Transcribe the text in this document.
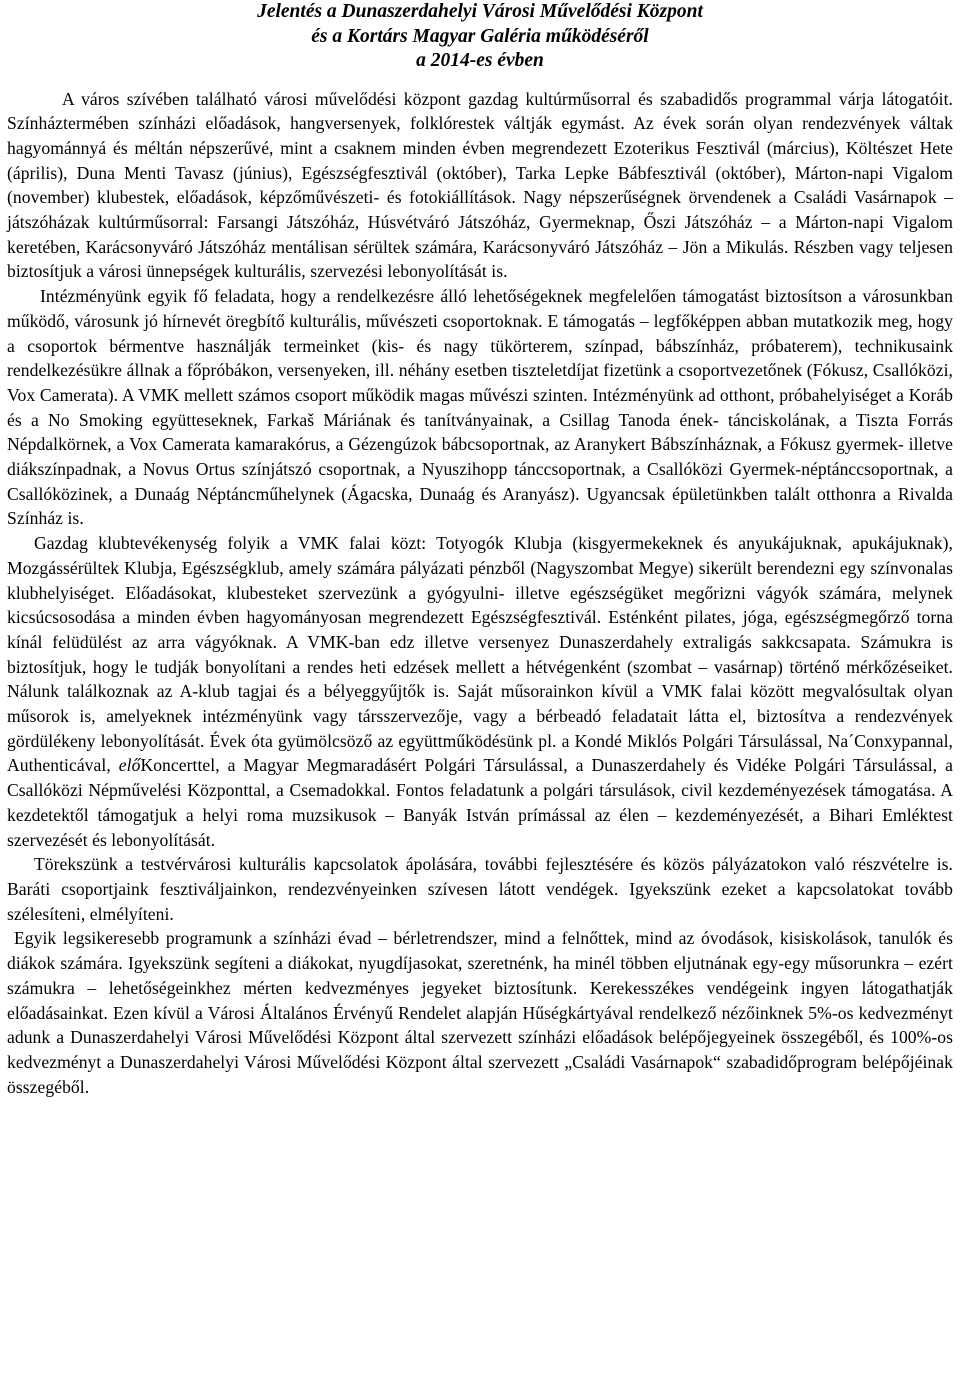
Jelentés a Dunaszerdahelyi Városi Művelődési Központ
és a Kortárs Magyar Galéria működéséről
a 2014-es évben

A város szívében található városi művelődési központ gazdag kultúrműsorral és szabadidős programmal várja látogatóit. Színháztermében színházi előadások, hangversenyek, folklórestek váltják egymást. Az évek során olyan rendezvények váltak hagyománnyá és méltán népszerűvé, mint a csaknem minden évben megrendezett Ezoterikus Fesztivál (március), Költészet Hete (április), Duna Menti Tavasz (június), Egészségfesztivál (október), Tarka Lepke Bábfesztivál (október), Márton-napi Vigalom (november) klubestek, előadások, képzőművészeti- és fotokiállítások. Nagy népszerűségnek örvendenek a Családi Vasárnapok – játszóházak kultúrműsorral: Farsangi Játszóház, Húsvétváró Játszóház, Gyermeknap, Őszi Játszóház – a Márton-napi Vigalom keretében, Karácsonyváró Játszóház mentálisan sérültek számára, Karácsonyváró Játszóház – Jön a Mikulás. Részben vagy teljesen biztosítjuk a városi ünnepségek kulturális, szervezési lebonyolítását is.

Intézményünk egyik fő feladata, hogy a rendelkezésre álló lehetőségeknek megfelelően támogatást biztosítson a városunkban működő, városunk jó hírnevét öregbítő kulturális, művészeti csoportoknak. E támogatás – legfőképpen abban mutatkozik meg, hogy a csoportok bérmentve használják termeinket (kis- és nagy tükörterem, színpad, bábszínház, próbaterem), technikusaink rendelkezésükre állnak a főpróbákon, versenyeken, ill. néhány esetben tiszteletdíjat fizetünk a csoportvezetőnek (Fókusz, Csallóközi, Vox Camerata). A VMK mellett számos csoport működik magas művészi szinten. Intézményünk ad otthont, próbahelyiséget a Koráb és a No Smoking együtteseknek, Farkaš Máriának és tanítványainak, a Csillag Tanoda ének- tánciskolának, a Tiszta Forrás Népdalkörnek, a Vox Camerata kamarakórus, a Gézengúzok bábcsoportnak, az Aranykert Bábszínháznak, a Fókusz gyermek- illetve diákszínpadnak, a Novus Ortus színjátszó csoportnak, a Nyuszihopp tánccsoportnak, a Csallóközi Gyermek-néptánccsoportnak, a Csallóközinek, a Dunaág Néptáncműhelynek (Ágacska, Dunaág és Aranyász). Ugyancsak épületünkben talált otthonra a Rivalda Színház is.

Gazdag klubtevékenység folyik a VMK falai közt: Totyogók Klubja (kisgyermekeknek és anyukájuknak, apukájuknak), Mozgássérültek Klubja, Egészségklub, amely számára pályázati pénzből (Nagyszombat Megye) sikerült berendezni egy színvonalas klubhelyiséget. Előadásokat, klubesteket szervezünk a gyógyulni- illetve egészségüket megőrizni vágyók számára, melynek kicsúcsosodása a minden évben hagyományosan megrendezett Egészségfesztivál. Esténként pilates, jóga, egészségmegőrző torna kínál felüdülést az arra vágyóknak. A VMK-ban edz illetve versenyez Dunaszerdahely extraligás sakkcsapata. Számukra is biztosítjuk, hogy le tudják bonyolítani a rendes heti edzések mellett a hétvégenként (szombat – vasárnap) történő mérkőzéseiket. Nálunk találkoznak az A-klub tagjai és a bélyeggyűjtők is. Saját műsorainkon kívül a VMK falai között megvalósultak olyan műsorok is, amelyeknek intézményünk vagy társszervezője, vagy a bérbeadó feladatait látta el, biztosítva a rendezvények gördülékeny lebonyolítását. Évek óta gyümölcsöző az együttműködésünk pl. a Kondé Miklós Polgári Társulással, Na´Conxypannal, Authenticával, előKoncerttel, a Magyar Megmaradásért Polgári Társulással, a Dunaszerdahely és Vidéke Polgári Társulással, a Csallóközi Népművelési Központtal, a Csemadokkal. Fontos feladatunk a polgári társulások, civil kezdeményezések támogatása. A kezdetektől támogatjuk a helyi roma muzsikusok – Banyák István prímással az élen – kezdeményezését, a Bihari Emléktest szervezését és lebonyolítását.

Törekszünk a testvérvárosi kulturális kapcsolatok ápolására, további fejlesztésére és közös pályázatokon való részvételre is. Baráti csoportjaink fesztiváljainkon, rendezvényeinken szívesen látott vendégek. Igyekszünk ezeket a kapcsolatokat tovább szélesíteni, elmélyíteni.

Egyik legsikeresebb programunk a színházi évad – bérletrendszer, mind a felnőttek, mind az óvodások, kisiskolások, tanulók és diákok számára. Igyekszünk segíteni a diákokat, nyugdíjasokat, szeretnénk, ha minél többen eljutnának egy-egy műsorunkra – ezért számukra – lehetőségeinkhez mérten kedvezményes jegyeket biztosítunk. Kerekesszékes vendégeink ingyen látogathatják előadásainkat. Ezen kívül a Városi Általános Érvényű Rendelet alapján Hűségkártyával rendelkező nézőinknek 5%-os kedvezményt adunk a Dunaszerdahelyi Városi Művelődési Központ által szervezett színházi előadások belépőjegyeinek összegéből, és 100%-os kedvezményt a Dunaszerdahelyi Városi Művelődési Központ által szervezett „Családi Vasárnapok“ szabadidőprogram belépőjéinak összegéből.
